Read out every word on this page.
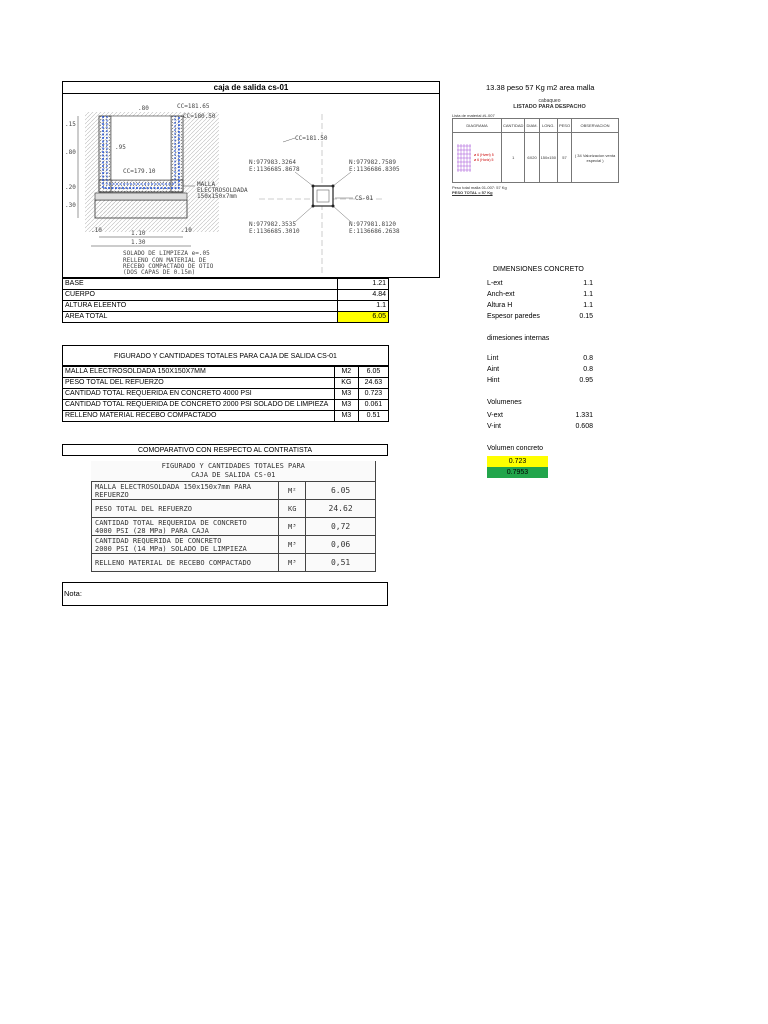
caja de salida cs-01
.80
.15
.80
.95
.20
.30
.10	.10
1.10
1.30
CC=181.65
CC=180.50
CC=179.10
MALLA
ELECTROSOLDADA
150x150x7mm
SOLADO DE LIMPIEZA e=.05
RELLENO CON MATERIAL DE
RECEBO COMPACTADO DE OTIO
(DOS CAPAS DE 0.15m)
CC=181.50
N:977983.3264
E:1136685.8678
N:977982.7589
E:1136686.8305
N:977982.3535
E:1136685.3010
N:977981.8120
E:1136686.2638
CS-01
BASE	1.21
CUERPO	4.84
ALTURA ELEENTO	1.1
AREA TOTAL	6.05
FIGURADO Y CANTIDADES TOTALES PARA CAJA DE SALIDA CS-01
MALLA ELECTROSOLDADA 150X150X7MM	M2	6.05
PESO TOTAL DEL REFUERZO	KG	24.63
CANTIDAD TOTAL REQUERIDA EN CONCRETO 4000 PSI	M3	0.723
CANTIDAD TOTAL REQUERIDA DE CONCRETO 2000 PSI SOLADO DE LIMPIEZA	M3	0.061
RELLENO MATERIAL RECEBO COMPACTADO	M3	0.51
COMOPARATIVO CON RESPECTO AL CONTRATISTA
FIGURADO Y CANTIDADES TOTALES PARA
CAJA DE SALIDA CS-01		

MALLA ELECTROSOLDADA 150x150x7mm PARA REFUERZO	M²	6.05

PESO TOTAL DEL REFUERZO	KG	24.62

CANTIDAD TOTAL REQUERIDA DE CONCRETO
4000 PSI (28 MPa) PARA CAJA	M³	0,72

CANTIDAD REQUERIDA DE CONCRETO
2000 PSI (14 MPa) SOLADO DE LIMPIEZA	M³	0,06

RELLENO MATERIAL DE RECEBO COMPACTADO	M³	0,51
Nota:
13.38 peso 57 Kg m2 area malla
cabaqueo
LISTADO PARA DESPACHO
Lista de material #L.007
DIAGRAMA	CANTIDAD	DIAM.	LONG.	PESO	OBSERVACION

ø 6 (Hvert) 5
ø 6 (Horiz) 5	1	6X20	150x150	57	( 34 Valorizacion venta especial )
Peso total malla 01-007: 57 Kg
PESO TOTAL = 57 Kg
DIMENSIONES CONCRETO
L-ext	1.1
Anch-ext	1.1
Altura H	1.1
Espesor paredes	0.15
dimesiones internas
Lint	0.8
Aint	0.8
Hint	0.95
Volumenes
V-ext	1.331
V-int	0.608
Volumen concreto
0.723
0.7953
